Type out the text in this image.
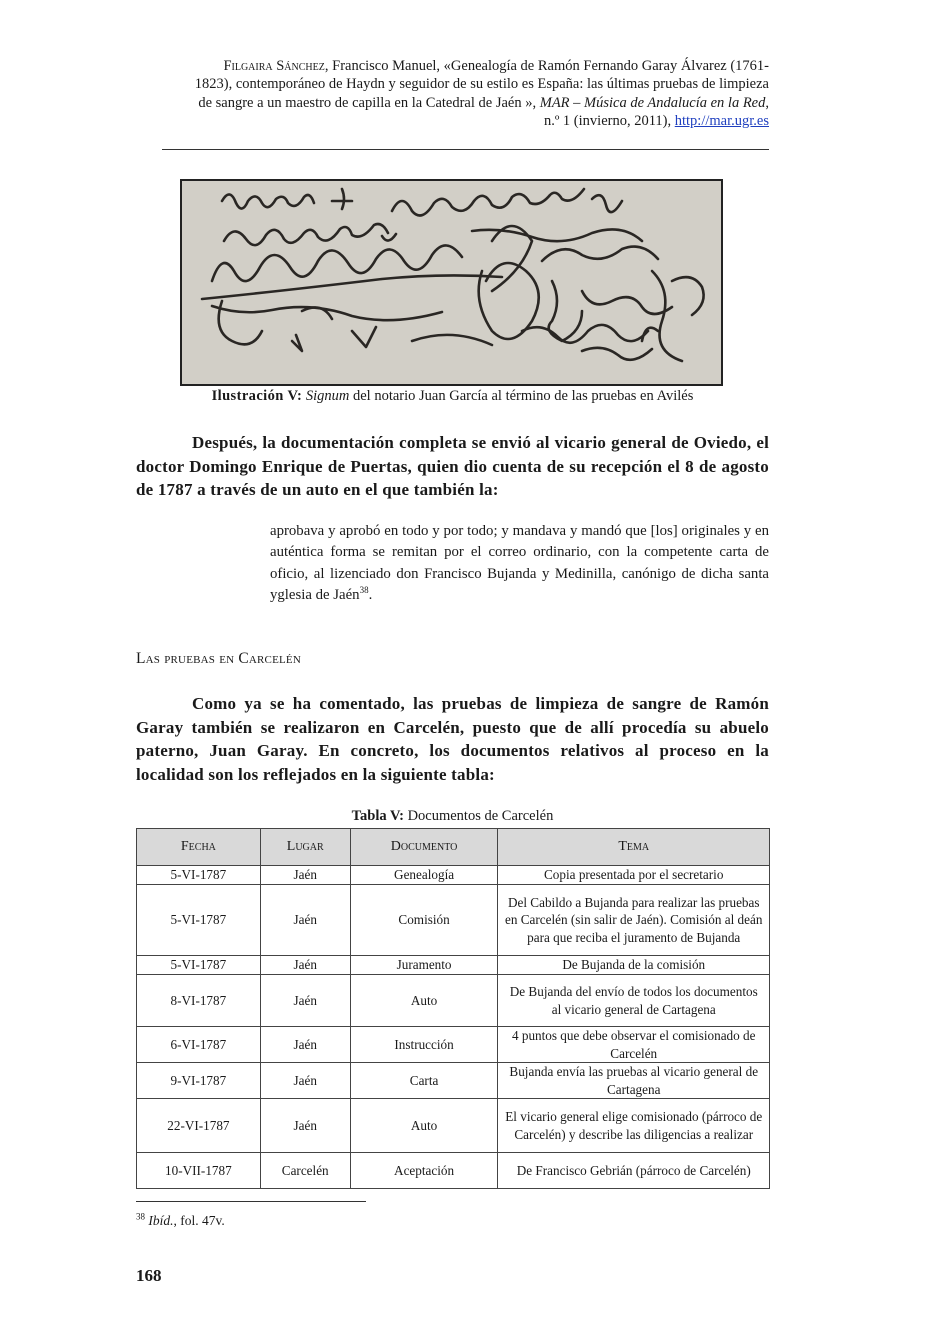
Filgaira Sánchez, Francisco Manuel, «Genealogía de Ramón Fernando Garay Álvarez (1761-
1823), contemporáneo de Haydn y seguidor de su estilo es España: las últimas pruebas de limpieza
de sangre a un maestro de capilla en la Catedral de Jaén », MAR – Música de Andalucía en la Red,
n.º 1 (invierno, 2011), http://mar.ugr.es
Ilustración V: Signum del notario Juan García al término de las pruebas en Avilés
Después, la documentación completa se envió al vicario general de Oviedo, el doctor Domingo Enrique de Puertas, quien dio cuenta de su recepción el 8 de agosto de 1787 a través de un auto en el que también la:
aprobava y aprobó en todo y por todo; y mandava y mandó que [los] originales y en auténtica forma se remitan por el correo ordinario, con la competente carta de oficio, al lizenciado don Francisco Bujanda y Medinilla, canónigo de dicha santa yglesia de Jaén$^{38}$.
Las pruebas en Carcelén
Como ya se ha comentado, las pruebas de limpieza de sangre de Ramón Garay también se realizaron en Carcelén, puesto que de allí procedía su abuelo paterno, Juan Garay. En concreto, los documentos relativos al proceso en la localidad son los reflejados en la siguiente tabla:
Tabla V: Documentos de Carcelén
Fecha	Lugar	Documento	Tema
5-VI-1787	Jaén	Genealogía	Copia presentada por el secretario
5-VI-1787	Jaén	Comisión	Del Cabildo a Bujanda para realizar las pruebas en Carcelén (sin salir de Jaén). Comisión al deán para que reciba el juramento de Bujanda
5-VI-1787	Jaén	Juramento	De Bujanda de la comisión
8-VI-1787	Jaén	Auto	De Bujanda del envío de todos los documentos al vicario general de Cartagena
6-VI-1787	Jaén	Instrucción	4 puntos que debe observar el comisionado de Carcelén
9-VI-1787	Jaén	Carta	Bujanda envía las pruebas al vicario general de Cartagena
22-VI-1787	Jaén	Auto	El vicario general elige comisionado (párroco de Carcelén) y describe las diligencias a realizar
10-VII-1787	Carcelén	Aceptación	De Francisco Gebrián (párroco de Carcelén)
$^{38}$ Ibíd., fol. 47v.
168
